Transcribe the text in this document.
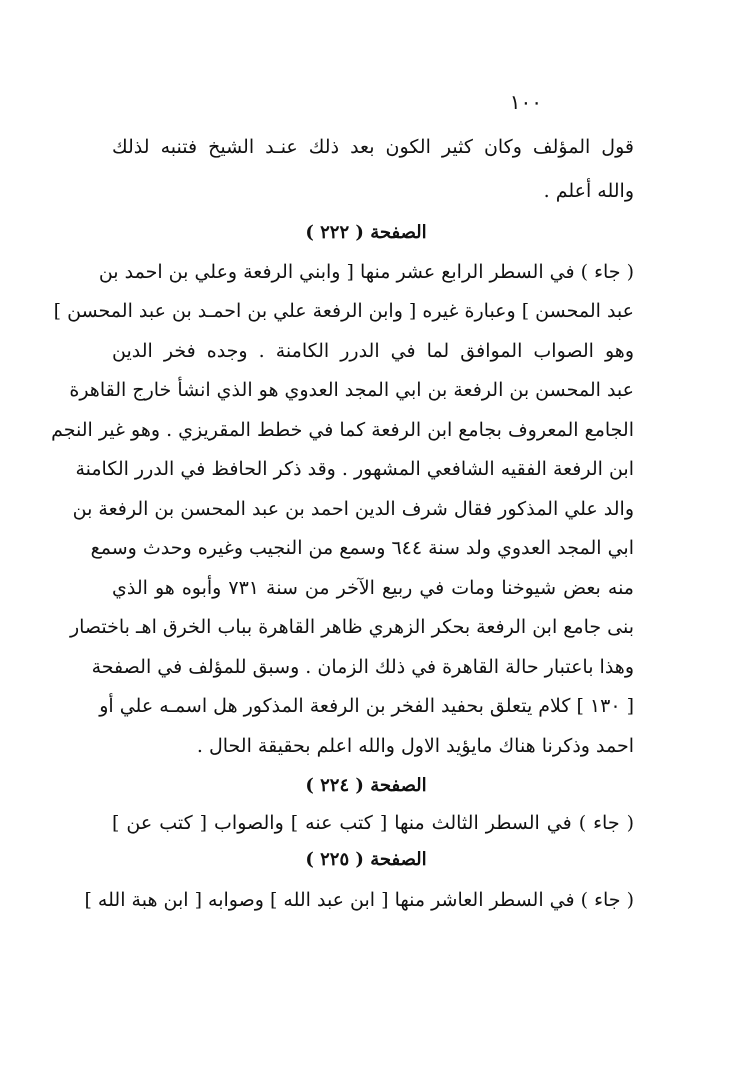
١٠٠
قول المؤلف وكان كثير الكون بعد ذلك عنـد الشيخ فتنبه لذلك
والله أعلم .
الصفحة ( ٢٢٢ )
( جاء ) في السطر الرابع عشر منها [ وابني الرفعة وعلي بن احمد بن
عبد المحسن ] وعبارة غيره [ وابن الرفعة علي بن احمـد بن عبد المحسن ]
وهو الصواب الموافق لما في الدرر الكامنة . وجده فخر الدين
عبد المحسن بن الرفعة بن ابي المجد العدوي هو الذي انشأ خارج القاهرة
الجامع المعروف بجامع ابن الرفعة كما في خطط المقريزي . وهو غير النجم
ابن الرفعة الفقيه الشافعي المشهور . وقد ذكر الحافظ في الدرر الكامنة
والد علي المذكور فقال شرف الدين احمد بن عبد المحسن بن الرفعة بن
ابي المجد العدوي ولد سنة ٦٤٤ وسمع من النجيب وغيره وحدث وسمع
منه بعض شيوخنا ومات في ربيع الآخر من سنة ٧٣١ وأبوه هو الذي
بنى جامع ابن الرفعة بحكر الزهري ظاهر القاهرة بباب الخرق اهـ باختصار
وهذا باعتبار حالة القاهرة في ذلك الزمان . وسبق للمؤلف في الصفحة
[ ١٣٠ ] كلام يتعلق بحفيد الفخر بن الرفعة المذكور هل اسمـه علي أو
احمد وذكرنا هناك مايؤيد الاول والله اعلم بحقيقة الحال .
الصفحة ( ٢٢٤ )
( جاء ) في السطر الثالث منها [ كتب عنه ] والصواب [ كتب عن ]
الصفحة ( ٢٢٥ )
( جاء ) في السطر العاشر منها [ ابن عبد الله ] وصوابه [ ابن هبة الله ]
